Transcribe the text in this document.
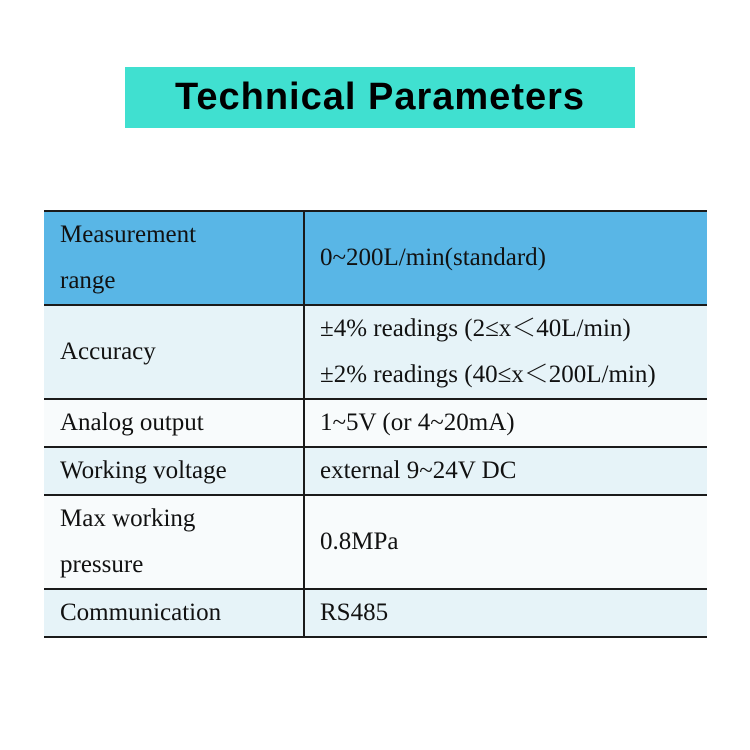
Technical Parameters
Measurement
range	0~200L/min(standard)

Accuracy	±4% readings (2≤x＜40L/min)
±2% readings (40≤x＜200L/min)

Analog output	1~5V (or 4~20mA)

Working voltage	external 9~24V DC

Max working
pressure	0.8MPa

Communication	RS485
